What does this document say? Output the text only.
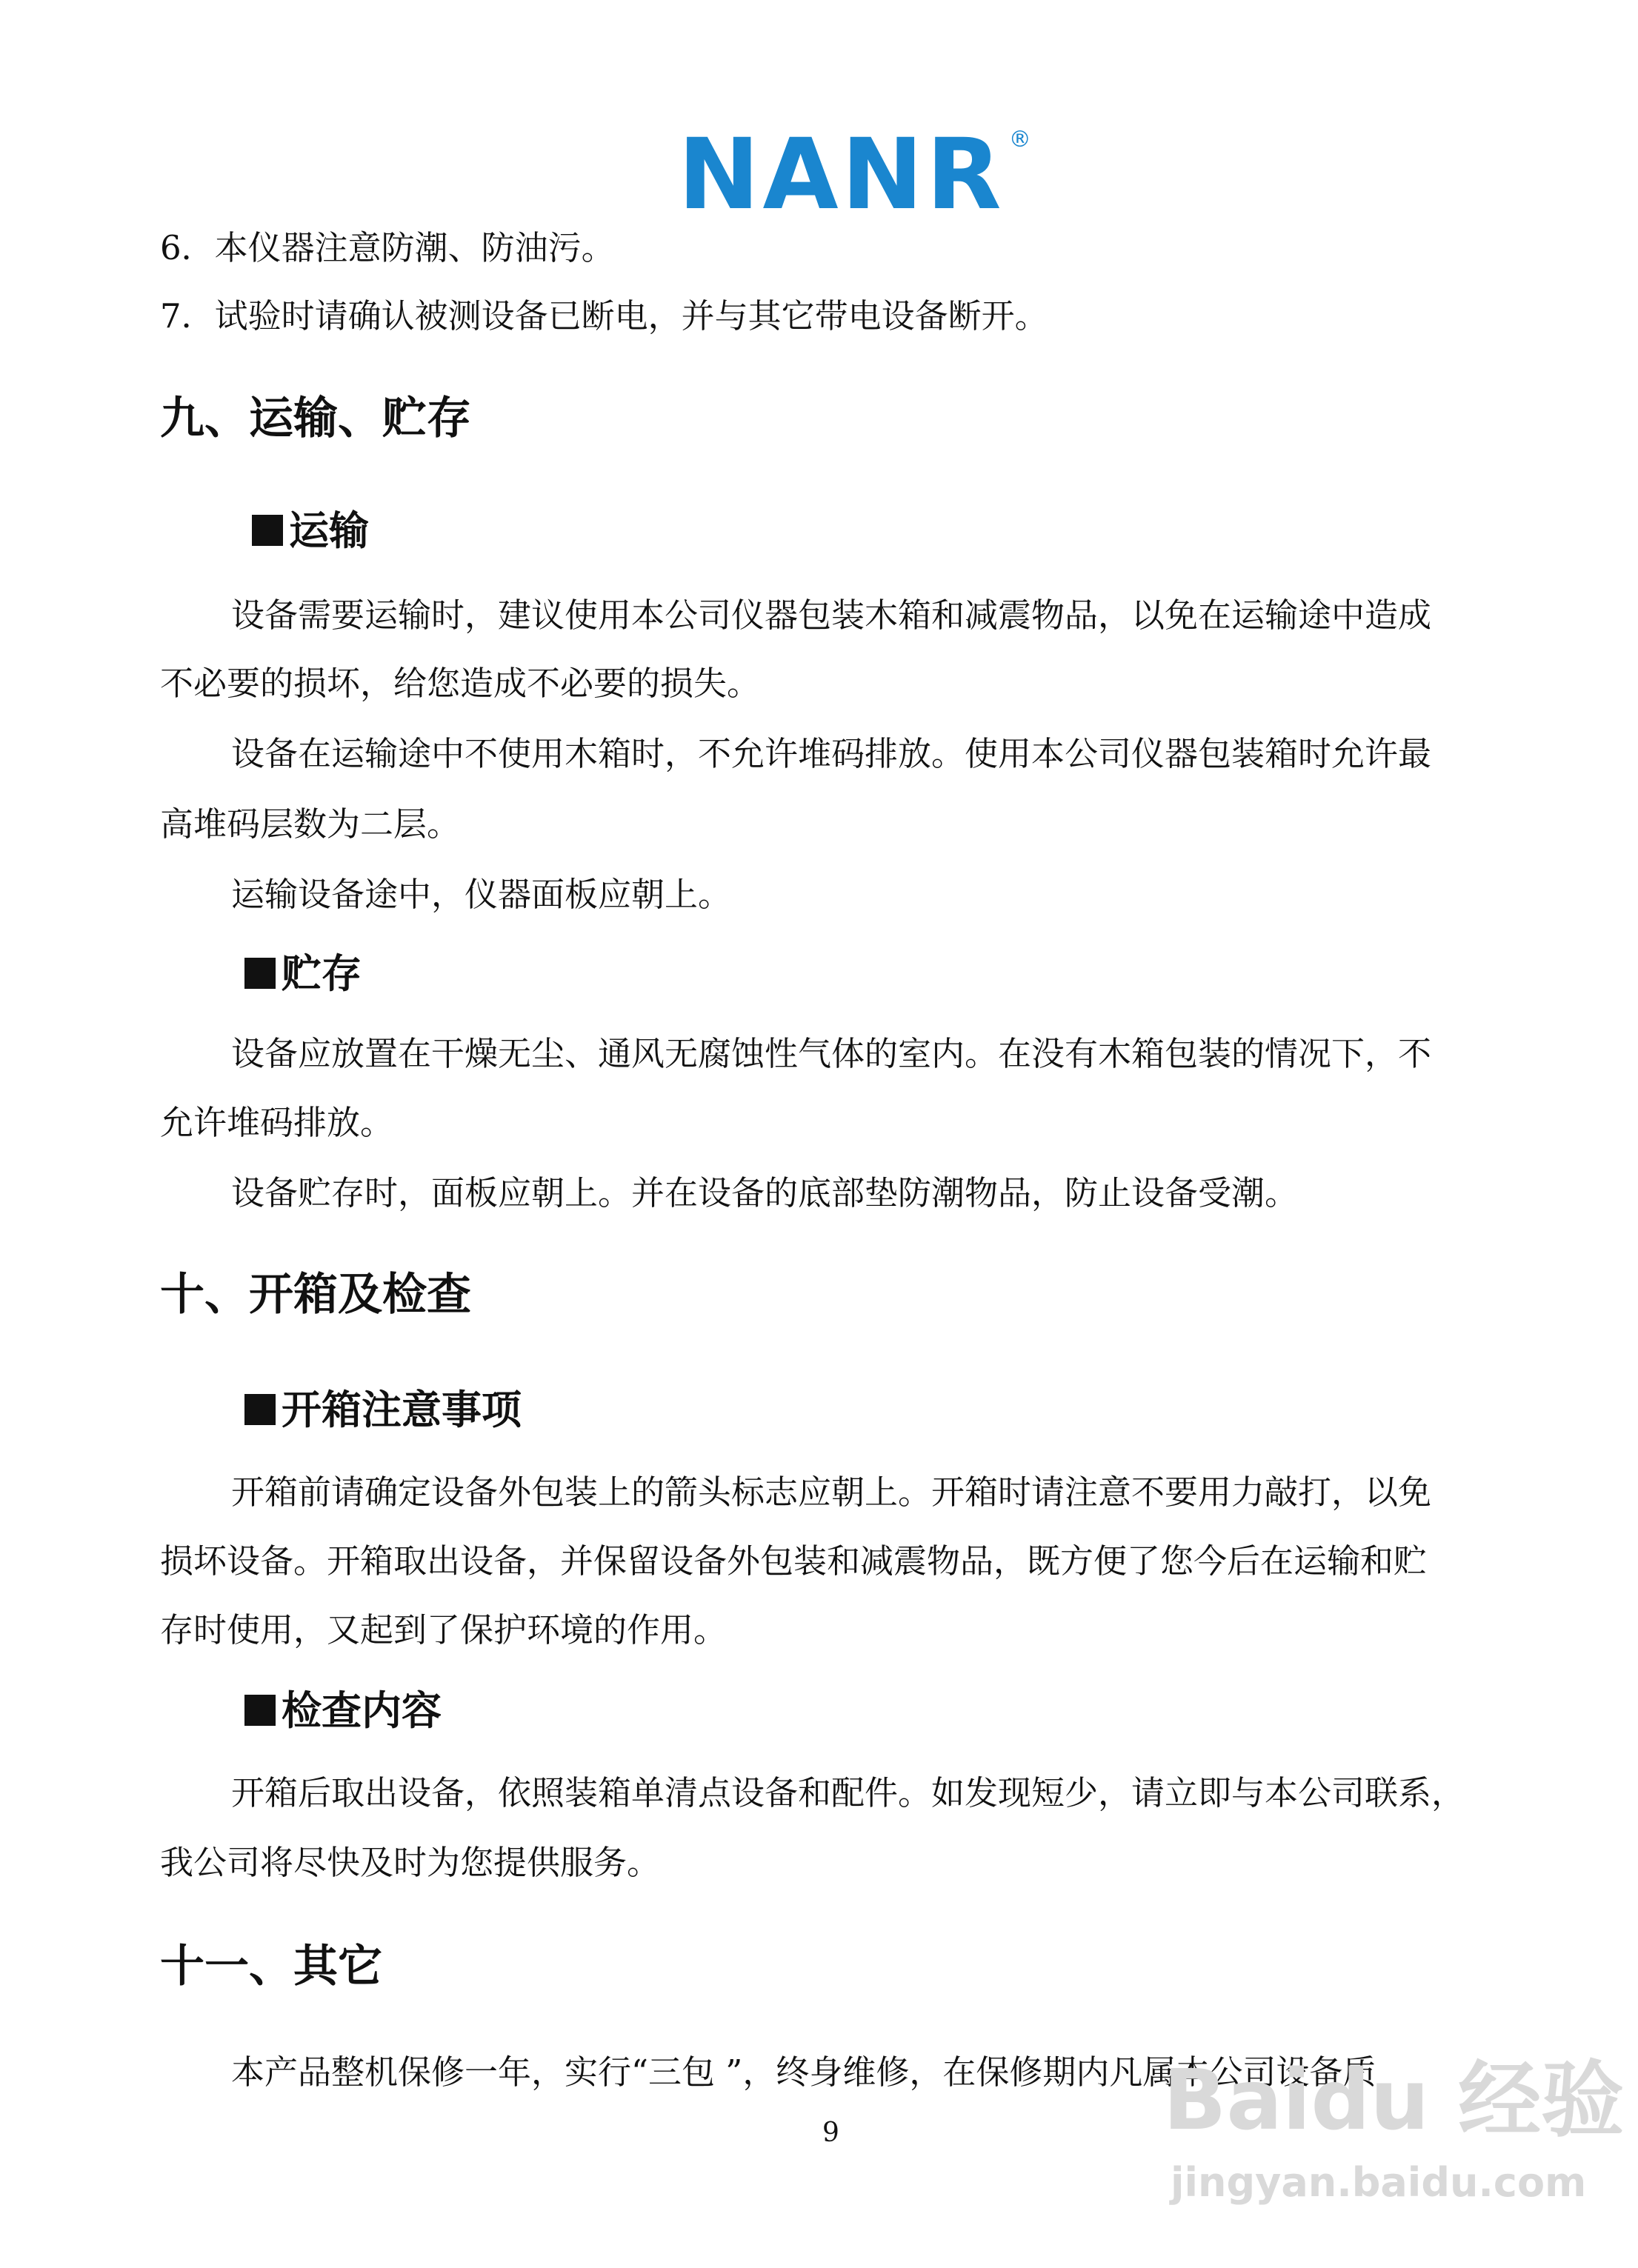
NANR ®
6．本仪器注意防潮、防油污。
7．试验时请确认被测设备已断电，并与其它带电设备断开。
九、运输、贮存
运输
设备需要运输时，建议使用本公司仪器包装木箱和减震物品，以免在运输途中造成
不必要的损坏，给您造成不必要的损失。
设备在运输途中不使用木箱时，不允许堆码排放。使用本公司仪器包装箱时允许最
高堆码层数为二层。
运输设备途中，仪器面板应朝上。
贮存
设备应放置在干燥无尘、通风无腐蚀性气体的室内。在没有木箱包装的情况下，不
允许堆码排放。
设备贮存时，面板应朝上。并在设备的底部垫防潮物品，防止设备受潮。
十、开箱及检查
开箱注意事项
开箱前请确定设备外包装上的箭头标志应朝上。开箱时请注意不要用力敲打，以免
损坏设备。开箱取出设备，并保留设备外包装和减震物品，既方便了您今后在运输和贮
存时使用，又起到了保护环境的作用。
检查内容
开箱后取出设备，依照装箱单清点设备和配件。如发现短少，请立即与本公司联系，
我公司将尽快及时为您提供服务。
十一、其它
本产品整机保修一年，实行“三包 ”，终身维修，在保修期内凡属本公司设备质
9	Baidu 经验
jingyan.baidu.com
